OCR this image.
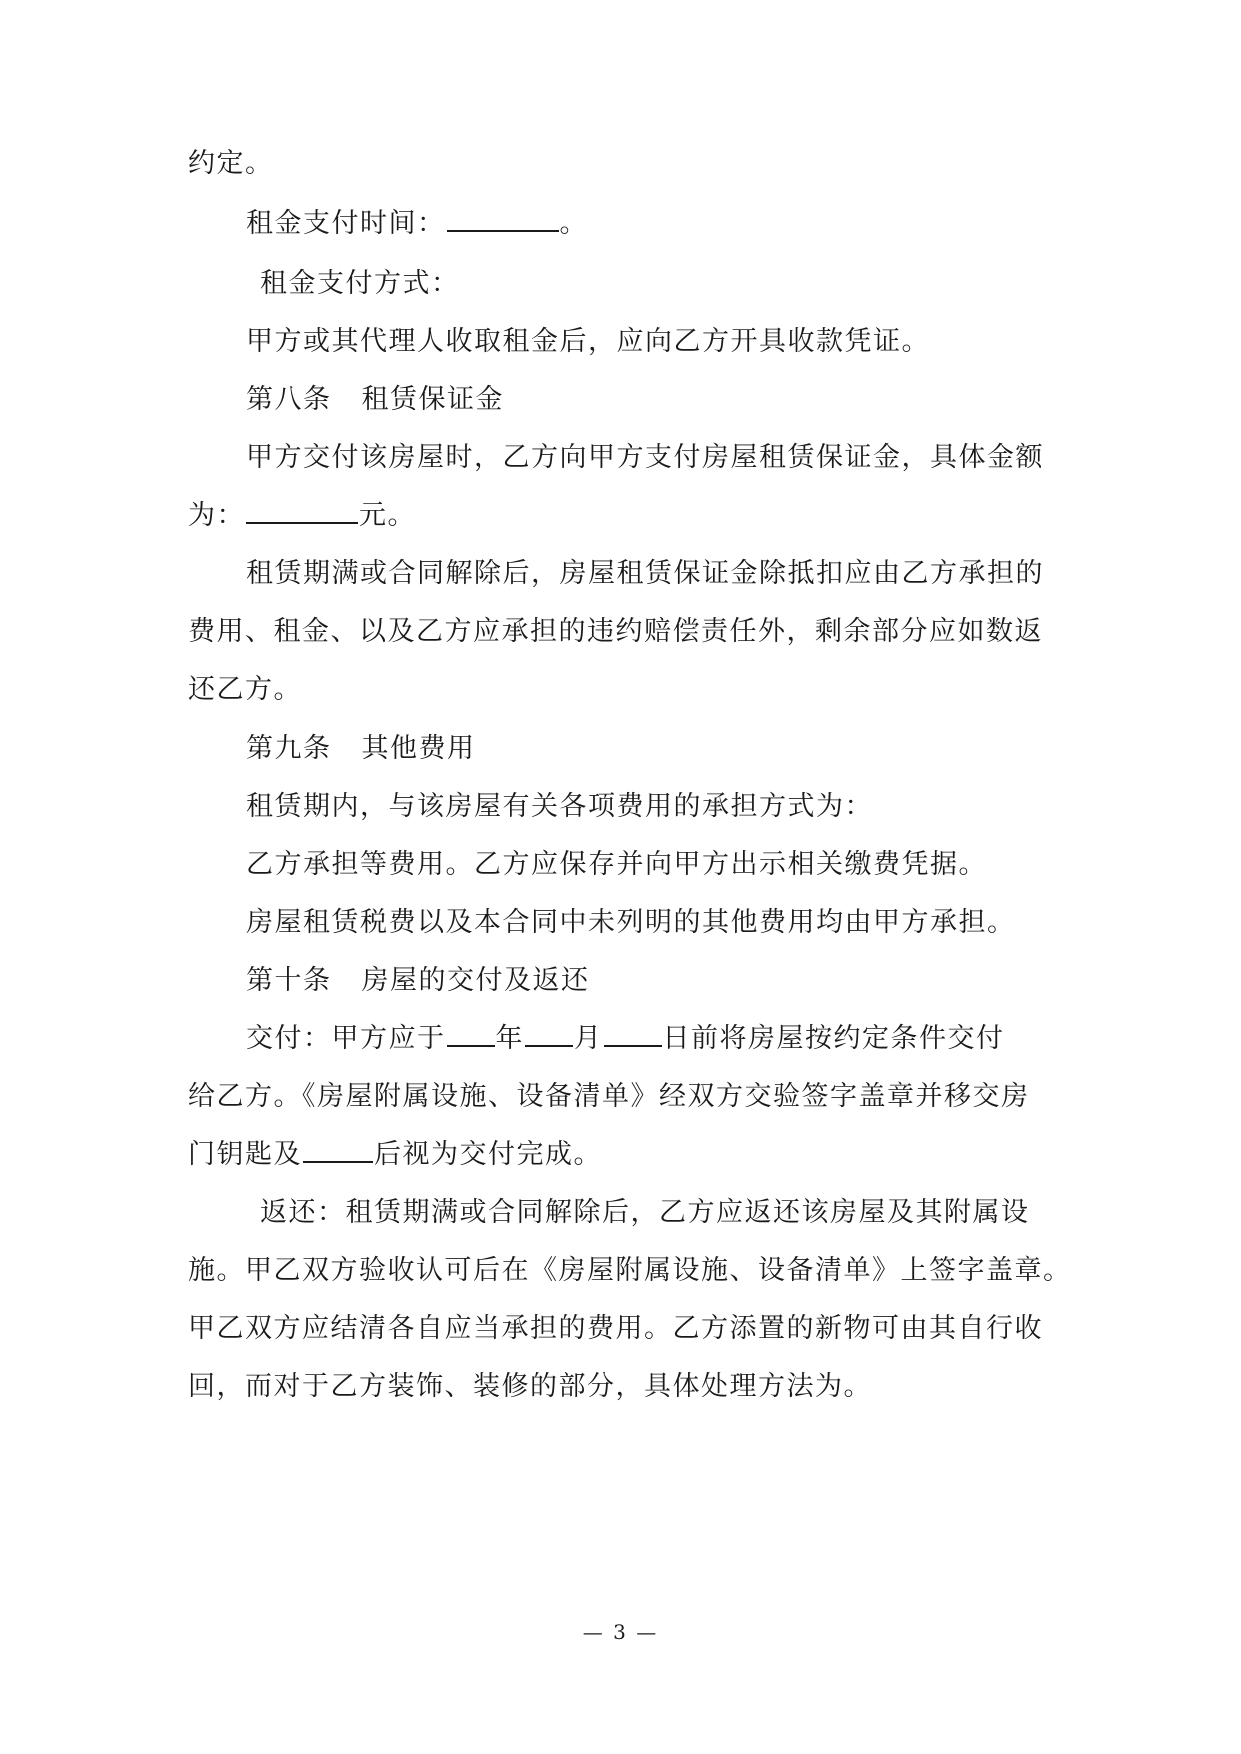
约定。
租金支付时间：	。
租金支付方式：
甲方或其代理人收取租金后，应向乙方开具收款凭证。
第八条 租赁保证金
甲方交付该房屋时，乙方向甲方支付房屋租赁保证金，具体金额
为：	元。
租赁期满或合同解除后，房屋租赁保证金除抵扣应由乙方承担的
费用、租金、以及乙方应承担的违约赔偿责任外，剩余部分应如数返
还乙方。
第九条 其他费用
租赁期内，与该房屋有关各项费用的承担方式为：
乙方承担等费用。乙方应保存并向甲方出示相关缴费凭据。
房屋租赁税费以及本合同中未列明的其他费用均由甲方承担。
第十条 房屋的交付及返还
交付：甲方应于 年 月 日前将房屋按约定条件交付
给乙方。《房屋附属设施、设备清单》经双方交验签字盖章并移交房
门钥匙及	后视为交付完成。
返还：租赁期满或合同解除后，乙方应返还该房屋及其附属设
施。甲乙双方验收认可后在《房屋附属设施、设备清单》上签字盖章。
甲乙双方应结清各自应当承担的费用。乙方添置的新物可由其自行收
回，而对于乙方装饰、装修的部分，具体处理方法为。
— 3 —
